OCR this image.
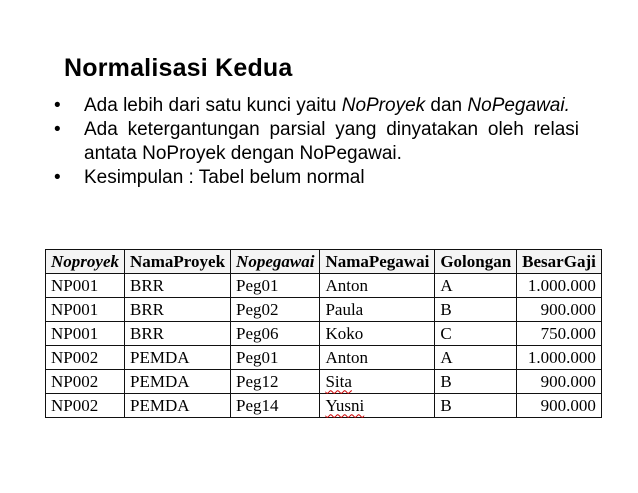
Normalisasi Kedua
• Ada lebih dari satu kunci yaitu NoProyek dan NoPegawai.
• Ada ketergantungan parsial yang dinyatakan oleh relasi antata NoProyek dengan NoPegawai.
• Kesimpulan : Tabel belum normal
Noproyek	NamaProyek	Nopegawai	NamaPegawai	Golongan	BesarGaji
NP001	BRR	Peg01	Anton	A	1.000.000
NP001	BRR	Peg02	Paula	B	900.000
NP001	BRR	Peg06	Koko	C	750.000
NP002	PEMDA	Peg01	Anton	A	1.000.000
NP002	PEMDA	Peg12	Sita	B	900.000
NP002	PEMDA	Peg14	Yusni	B	900.000
